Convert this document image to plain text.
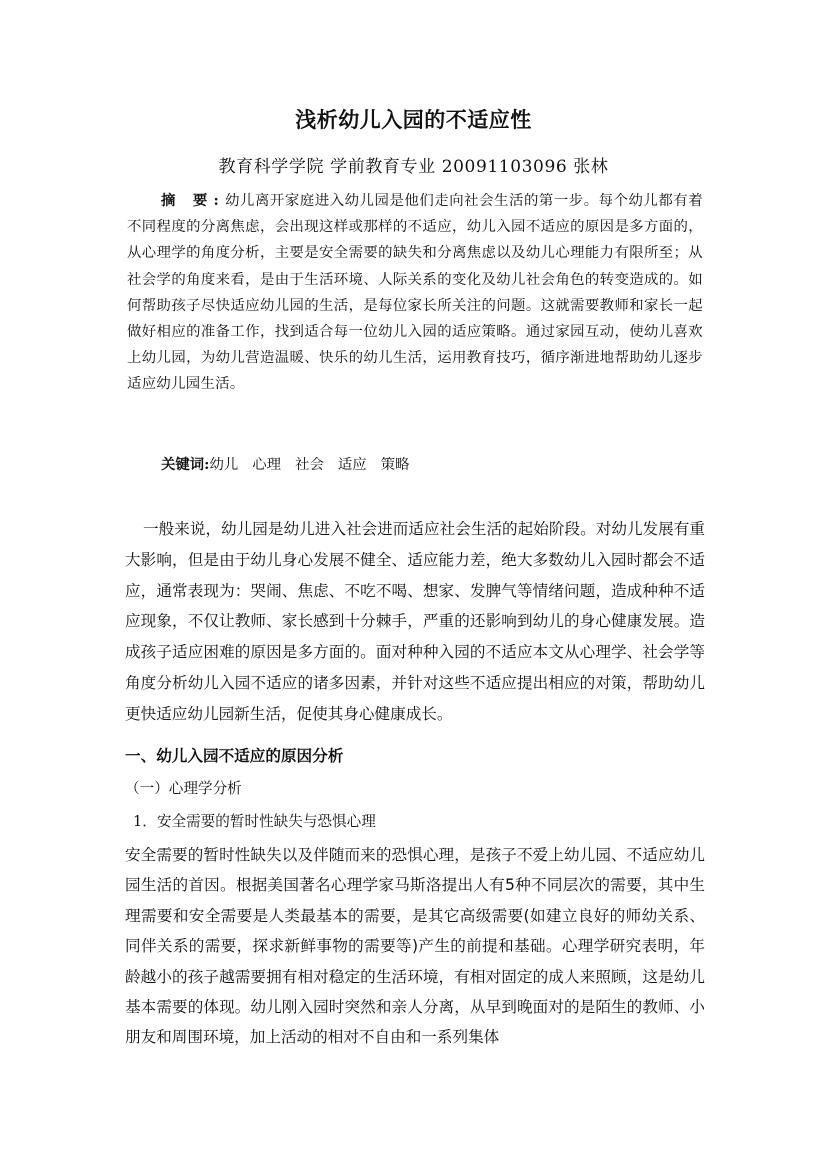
浅析幼儿入园的不适应性
教育科学学院 学前教育专业 20091103096 张林
摘 要:幼儿离开家庭进入幼儿园是他们走向社会生活的第一步。每个幼儿都有着不同程度的分离焦虑，会出现这样或那样的不适应，幼儿入园不适应的原因是多方面的，从心理学的角度分析，主要是安全需要的缺失和分离焦虑以及幼儿心理能力有限所至；从社会学的角度来看，是由于生活环境、人际关系的变化及幼儿社会角色的转变造成的。如何帮助孩子尽快适应幼儿园的生活，是每位家长所关注的问题。这就需要教师和家长一起做好相应的准备工作，找到适合每一位幼儿入园的适应策略。通过家园互动，使幼儿喜欢上幼儿园，为幼儿营造温暖、快乐的幼儿生活，运用教育技巧，循序渐进地帮助幼儿逐步适应幼儿园生活。
关键词:幼儿 心理 社会 适应 策略
一般来说，幼儿园是幼儿进入社会进而适应社会生活的起始阶段。对幼儿发展有重大影响，但是由于幼儿身心发展不健全、适应能力差，绝大多数幼儿入园时都会不适应，通常表现为：哭闹、焦虑、不吃不喝、想家、发脾气等情绪问题，造成种种不适应现象，不仅让教师、家长感到十分棘手，严重的还影响到幼儿的身心健康发展。造成孩子适应困难的原因是多方面的。面对种种入园的不适应本文从心理学、社会学等角度分析幼儿入园不适应的诸多因素，并针对这些不适应提出相应的对策，帮助幼儿更快适应幼儿园新生活，促使其身心健康成长。
一、幼儿入园不适应的原因分析
（一）心理学分析
1．安全需要的暂时性缺失与恐惧心理
安全需要的暂时性缺失以及伴随而来的恐惧心理，是孩子不爱上幼儿园、不适应幼儿园生活的首因。根据美国著名心理学家马斯洛提出人有5种不同层次的需要，其中生理需要和安全需要是人类最基本的需要，是其它高级需要(如建立良好的师幼关系、同伴关系的需要，探求新鲜事物的需要等)产生的前提和基础。心理学研究表明，年龄越小的孩子越需要拥有相对稳定的生活环境，有相对固定的成人来照顾，这是幼儿基本需要的体现。幼儿刚入园时突然和亲人分离，从早到晚面对的是陌生的教师、小朋友和周围环境，加上活动的相对不自由和一系列集体
